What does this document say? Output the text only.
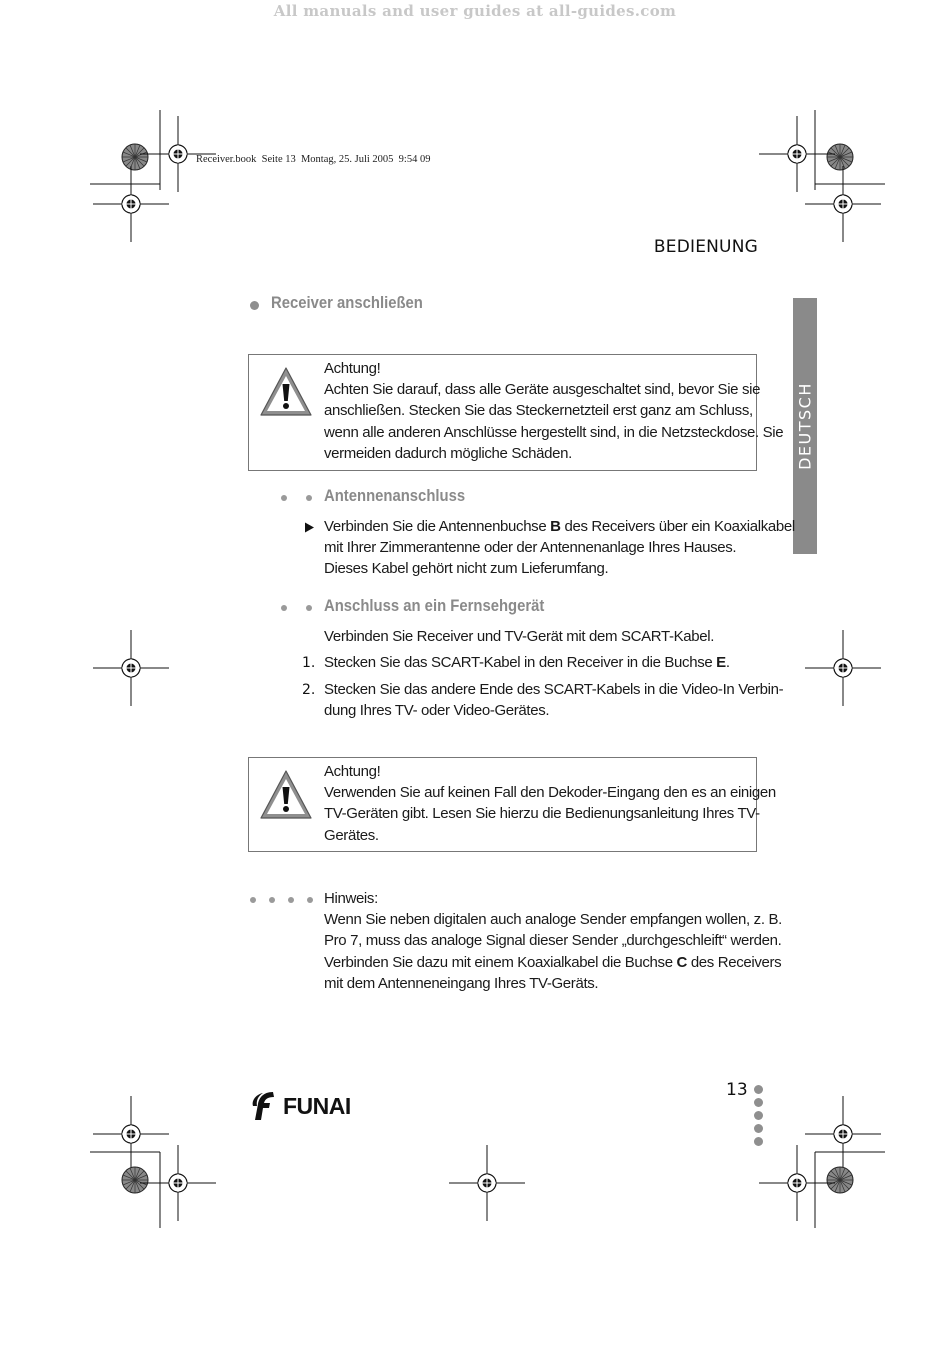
All manuals and user guides at all-guides.com
Receiver.book  Seite 13  Montag, 25. Juli 2005  9:54 09
BEDIENUNG
DEUTSCH
Receiver anschließen
Achtung!
Achten Sie darauf, dass alle Geräte ausgeschaltet sind, bevor Sie sie
anschließen. Stecken Sie das Steckernetzteil erst ganz am Schluss,
wenn alle anderen Anschlüsse hergestellt sind, in die Netzsteckdose. Sie
vermeiden dadurch mögliche Schäden.
Antennenanschluss
Verbinden Sie die Antennenbuchse B des Receivers über ein Koaxialkabel
mit Ihrer Zimmerantenne oder der Antennenanlage Ihres Hauses.
Dieses Kabel gehört nicht zum Lieferumfang.
Anschluss an ein Fernsehgerät
Verbinden Sie Receiver und TV-Gerät mit dem SCART-Kabel.
1. Stecken Sie das SCART-Kabel in den Receiver in die Buchse E.
2. Stecken Sie das andere Ende des SCART-Kabels in die Video-In Verbin-
dung Ihres TV- oder Video-Gerätes.
Achtung!
Verwenden Sie auf keinen Fall den Dekoder-Eingang den es an einigen
TV-Geräten gibt. Lesen Sie hierzu die Bedienungsanleitung Ihres TV-
Gerätes.
Hinweis:
Wenn Sie neben digitalen auch analoge Sender empfangen wollen, z. B.
Pro 7, muss das analoge Signal dieser Sender „durchgeschleift“ werden.
Verbinden Sie dazu mit einem Koaxialkabel die Buchse C des Receivers
mit dem Antenneneingang Ihres TV-Geräts.
FUNAI
13
